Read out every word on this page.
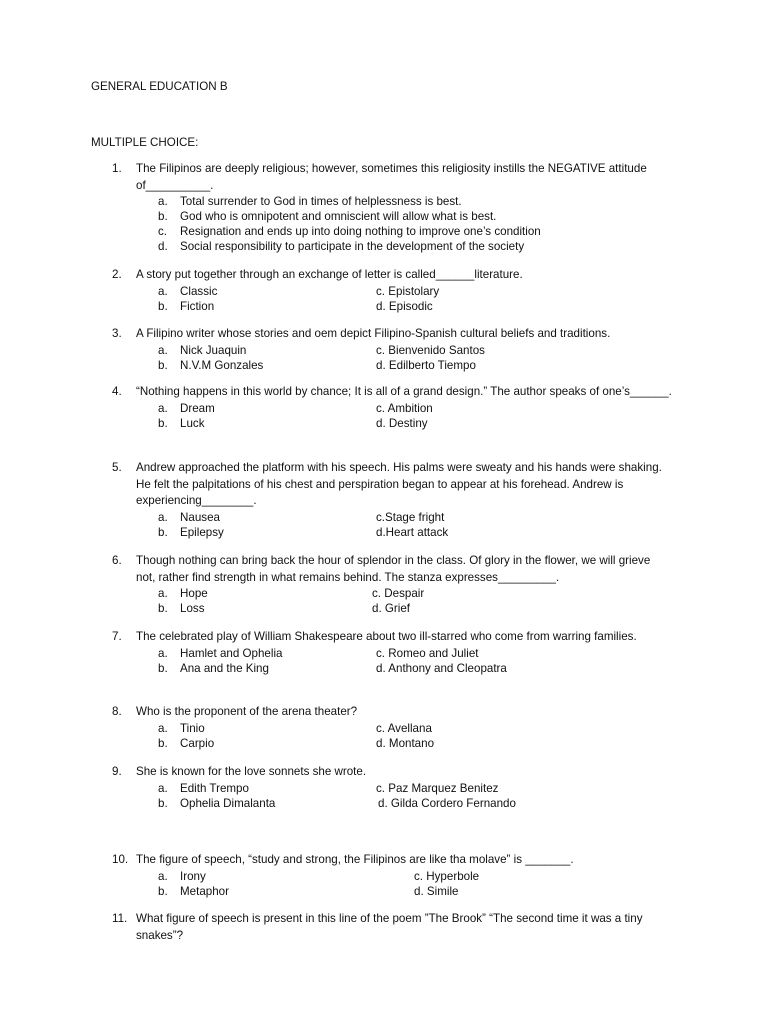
GENERAL EDUCATION B
MULTIPLE CHOICE:
1.	The Filipinos are deeply religious; however, sometimes this religiosity instills the NEGATIVE attitude of__________.
a. Total surrender to God in times of helplessness is best.
b. God who is omnipotent and omniscient will allow what is best.
c. Resignation and ends up into doing nothing to improve one’s condition
d. Social responsibility to participate in the development of the society
2.	A story put together through an exchange of letter is called______literature.
a. Classic	c. Epistolary
b. Fiction	d. Episodic
3.	A Filipino writer whose stories and oem depict Filipino-Spanish cultural beliefs and traditions.
a. Nick Juaquin	c. Bienvenido Santos
b. N.V.M Gonzales	d. Edilberto Tiempo
4.	“Nothing happens in this world by chance; It is all of a grand design.” The author speaks of one’s______.
a. Dream	c. Ambition
b. Luck	d. Destiny
5.	Andrew approached the platform with his speech. His palms were sweaty and his hands were shaking. He felt the palpitations of his chest and perspiration began to appear at his forehead. Andrew is experiencing________.
a. Nausea	c.Stage fright
b. Epilepsy	d.Heart attack
6.	Though nothing can bring back the hour of splendor in the class. Of glory in the flower, we will grieve not, rather find strength in what remains behind. The stanza expresses_________.
a. Hope	c. Despair
b. Loss	d. Grief
7.	The celebrated play of William Shakespeare about two ill-starred who come from warring families.
a. Hamlet and Ophelia	c. Romeo and Juliet
b. Ana and the King	d. Anthony and Cleopatra
8.	Who is the proponent of the arena theater?
a. Tinio	c. Avellana
b. Carpio	d. Montano
9.	She is known for the love sonnets she wrote.
a. Edith Trempo	c. Paz Marquez Benitez
b. Ophelia Dimalanta	d. Gilda Cordero Fernando
10. The figure of speech, “study and strong, the Filipinos are like tha molave” is _______.
a. Irony	c. Hyperbole
b. Metaphor	d. Simile
11. What figure of speech is present in this line of the poem ”The Brook” “The second time it was a tiny snakes”?
